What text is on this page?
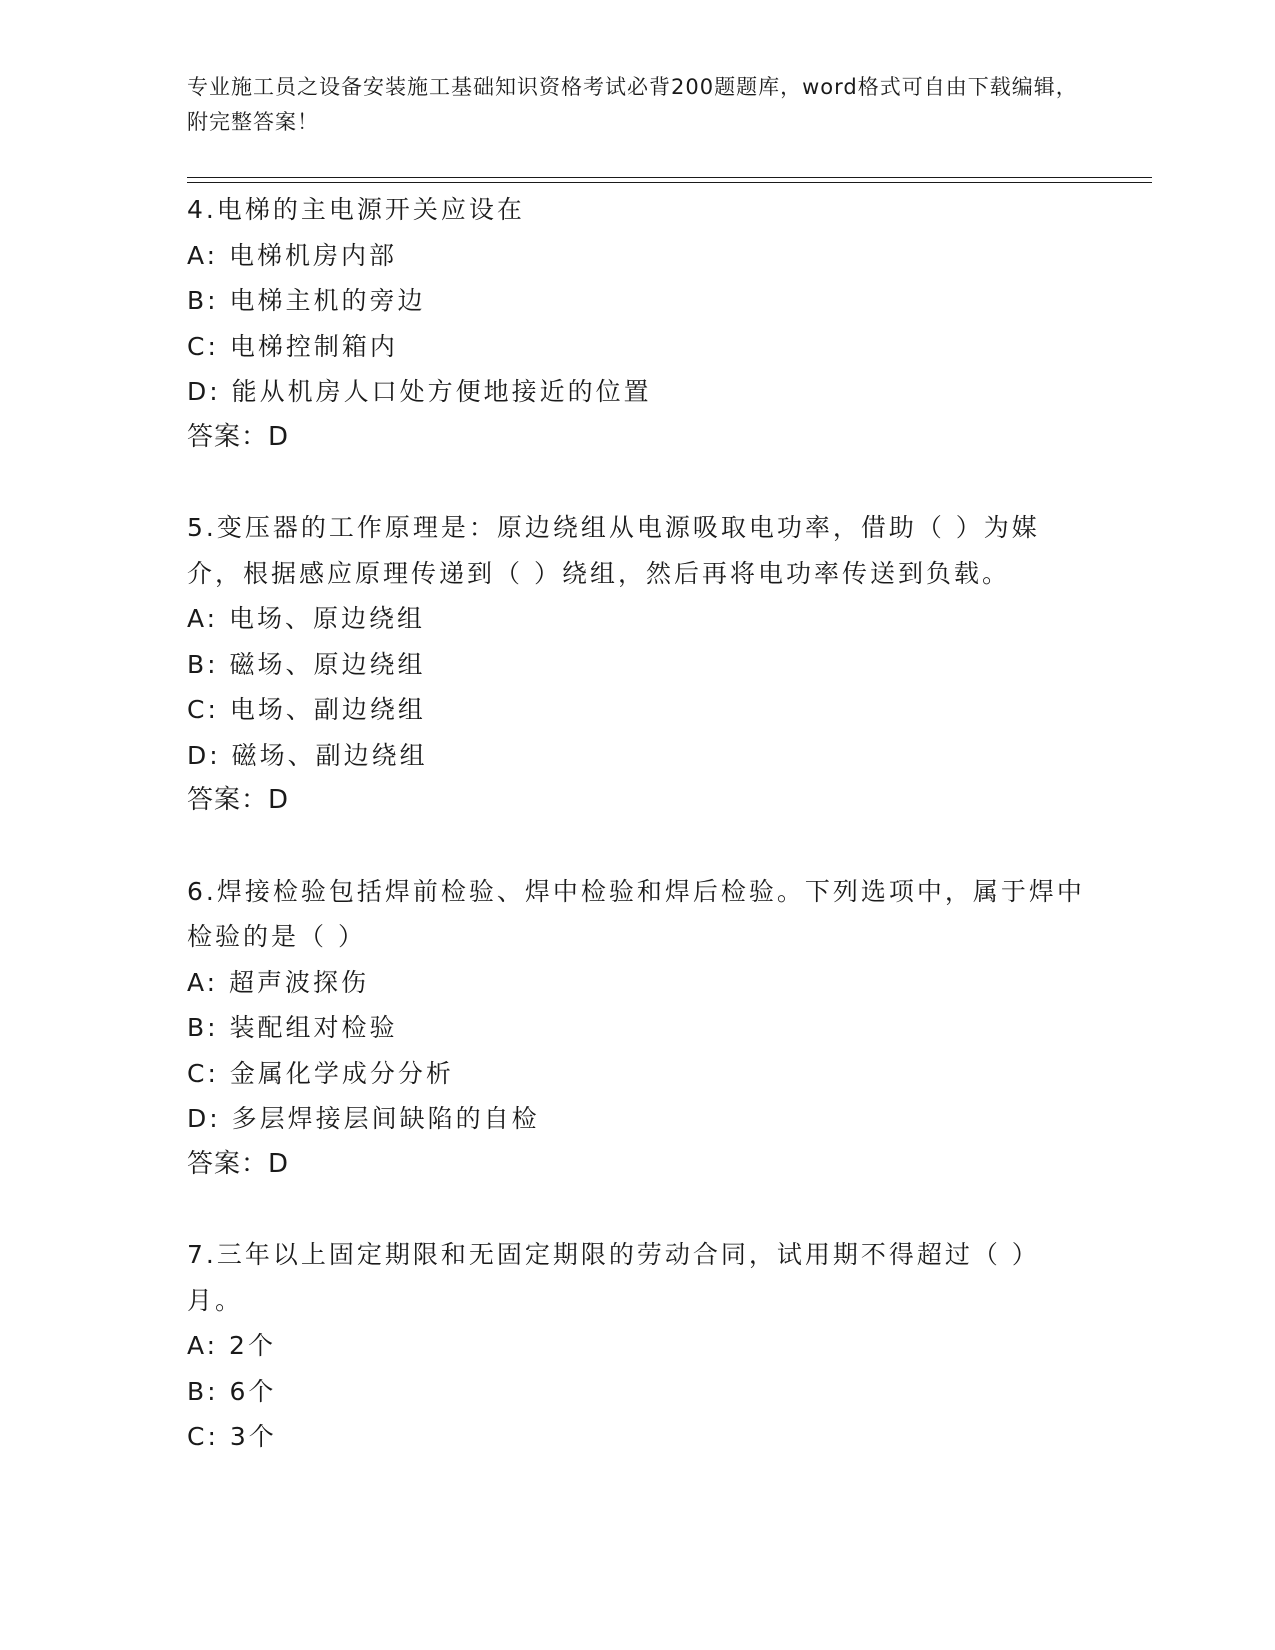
专业施工员之设备安装施工基础知识资格考试必背200题题库，word格式可自由下载编辑，附完整答案！
4.电梯的主电源开关应设在
A: 电梯机房内部
B: 电梯主机的旁边
C: 电梯控制箱内
D: 能从机房人口处方便地接近的位置
答案：D
5.变压器的工作原理是：原边绕组从电源吸取电功率，借助（ ）为媒介，根据感应原理传递到（ ）绕组，然后再将电功率传送到负载。
A: 电场、原边绕组
B: 磁场、原边绕组
C: 电场、副边绕组
D: 磁场、副边绕组
答案：D
6.焊接检验包括焊前检验、焊中检验和焊后检验。下列选项中，属于焊中检验的是（ ）
A: 超声波探伤
B: 装配组对检验
C: 金属化学成分分析
D: 多层焊接层间缺陷的自检
答案：D
7.三年以上固定期限和无固定期限的劳动合同，试用期不得超过（ ）月。
A: 2个
B: 6个
C: 3个
